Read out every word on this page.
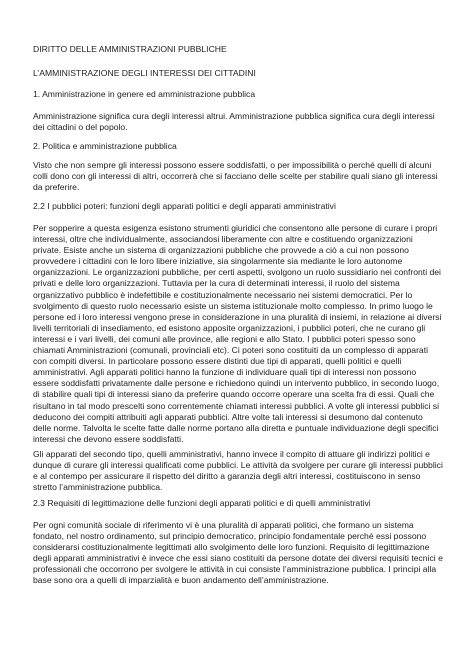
DIRITTO DELLE AMMINISTRAZIONI PUBBLICHE

L’AMMINISTRAZIONE DEGLI INTERESSI DEI CITTADINI

1. Amministrazione in genere ed amministrazione pubblica

Amministrazione significa cura degli interessi altrui. Amministrazione pubblica significa cura degli interessi dei cittadini o del popolo.

2. Politica e amministrazione pubblica

Visto che non sempre gli interessi possono essere soddisfatti, o per impossibilità o perché quelli di alcuni colli dono con gli interessi di altri, occorrerà che si facciano delle scelte per stabilire quali siano gli interessi da preferire.

2.2 I pubblici poteri: funzioni degli apparati politici e degli apparati amministrativi

Per sopperire a questa esigenza esistono strumenti giuridici che consentono alle persone di curare i propri interessi, oltre che individualmente, associandosi liberamente con altre e costituendo organizzazioni private. Esiste anche un sistema di organizzazioni pubbliche che provvede a ciò a cui non possono provvedere i cittadini con le loro libere iniziative, sia singolarmente sia mediante le loro autonome organizzazioni. Le organizzazioni pubbliche, per certi aspetti, svolgono un ruolo sussidiario nei confronti dei privati e delle loro organizzazioni. Tuttavia per la cura di determinati interessi, il ruolo del sistema organizzativo pubblico è indefettibile e costituzionalmente necessario nei sistemi democratici. Per lo svolgimento di questo ruolo necessario esiste un sistema istituzionale molto complesso. In primo luogo le persone ed i loro interessi vengono prese in considerazione in una pluralità di insiemi, in relazione ai diversi livelli territoriali di insediamento, ed esistono apposite organizzazioni, i pubblici poteri, che ne curano gli interessi e i vari livelli, dei comuni alle province, alle regioni e allo Stato. I pubblici poteri spesso sono chiamati Amministrazioni (comunali, provinciali etc). Ci poteri sono costituiti da un complesso di apparati con compiti diversi. In particolare possono essere distinti due tipi di apparati, quelli politici e quelli amministrativi. Agli apparati politici hanno la funzione di individuare quali tipi di interessi non possono essere soddisfatti privatamente dalle persone e richiedono quindi un intervento pubblico, in secondo luogo, di stabilire quali tipi di interessi siano da preferire quando occorre operare una scelta fra di essi. Quali che risultano in tal modo prescelti sono correntemente chiamati interessi pubblici. A volte gli interessi pubblici si deducono dei compiti attribuiti agli apparati pubblici. Altre volte tali interessi si desumono dal contenuto delle norme. Talvolta le scelte fatte dalle norme portano alla diretta e puntuale individuazione degli specifici interessi che devono essere soddisfatti.

Gli apparati del secondo tipo, quelli amministrativi, hanno invece il compito di attuare gli indirizzi politici e dunque di curare gli interessi qualificati come pubblici. Le attività da svolgere per curare gli interessi pubblici e al contempo per assicurare il rispetto del diritto a garanzia degli altri interessi, costituiscono in senso stretto l’amministrazione pubblica.

2.3 Requisiti di legittimazione delle funzioni degli apparati politici e di quelli amministrativi

Per ogni comunità sociale di riferimento vi è una pluralità di apparati politici, che formano un sistema fondato, nel nostro ordinamento, sul principio democratico, principio fondamentale perché essi possono considerarsi costituzionalmente legittimati allo svolgimento delle loro funzioni. Requisito di legittimazione degli apparati amministrativi è invece che essi siano costituiti da persone dotate dei diversi requisiti tecnici e professionali che occorrono per svolgere le attività in cui consiste l’amministrazione pubblica. I principi alla base sono ora a quelli di imparzialità e buon andamento dell’amministrazione.
